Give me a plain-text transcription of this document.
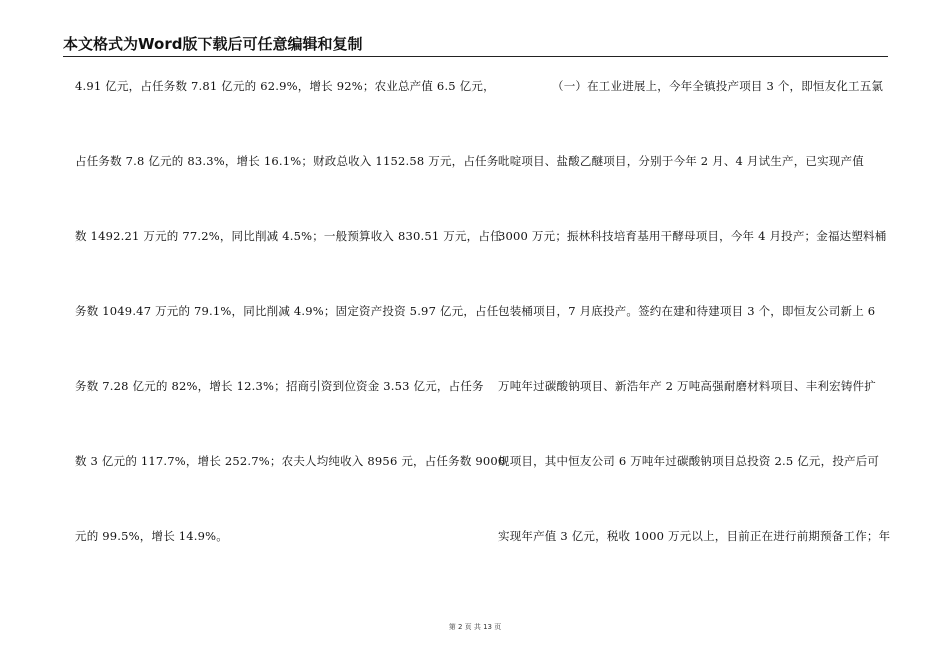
本文格式为Word版下载后可任意编辑和复制
4.91 亿元，占任务数 7.81 亿元的 62.9%，增长 92%；农业总产值 6.5 亿元，
占任务数 7.8 亿元的 83.3%，增长 16.1%；财政总收入 1152.58 万元，占任务
数 1492.21 万元的 77.2%，同比削减 4.5%；一般预算收入 830.51 万元，占任
务数 1049.47 万元的 79.1%，同比削减 4.9%；固定资产投资 5.97 亿元，占任
务数 7.28 亿元的 82%，增长 12.3%；招商引资到位资金 3.53 亿元，占任务
数 3 亿元的 117.7%，增长 252.7%；农夫人均纯收入 8956 元，占任务数 9000
元的 99.5%，增长 14.9%。
（一）在工业进展上，今年全镇投产项目 3 个，即恒友化工五氯
吡啶项目、盐酸乙醚项目，分别于今年 2 月、4 月试生产，已实现产值
3000 万元；振林科技培育基用干酵母项目，今年 4 月投产；金福达塑料桶
包装桶项目，7 月底投产。签约在建和待建项目 3 个，即恒友公司新上 6
万吨年过碳酸钠项目、新浩年产 2 万吨高强耐磨材料项目、丰利宏铸件扩
规项目，其中恒友公司 6 万吨年过碳酸钠项目总投资 2.5 亿元，投产后可
实现年产值 3 亿元，税收 1000 万元以上，目前正在进行前期预备工作；年
第 2 页 共 13 页
